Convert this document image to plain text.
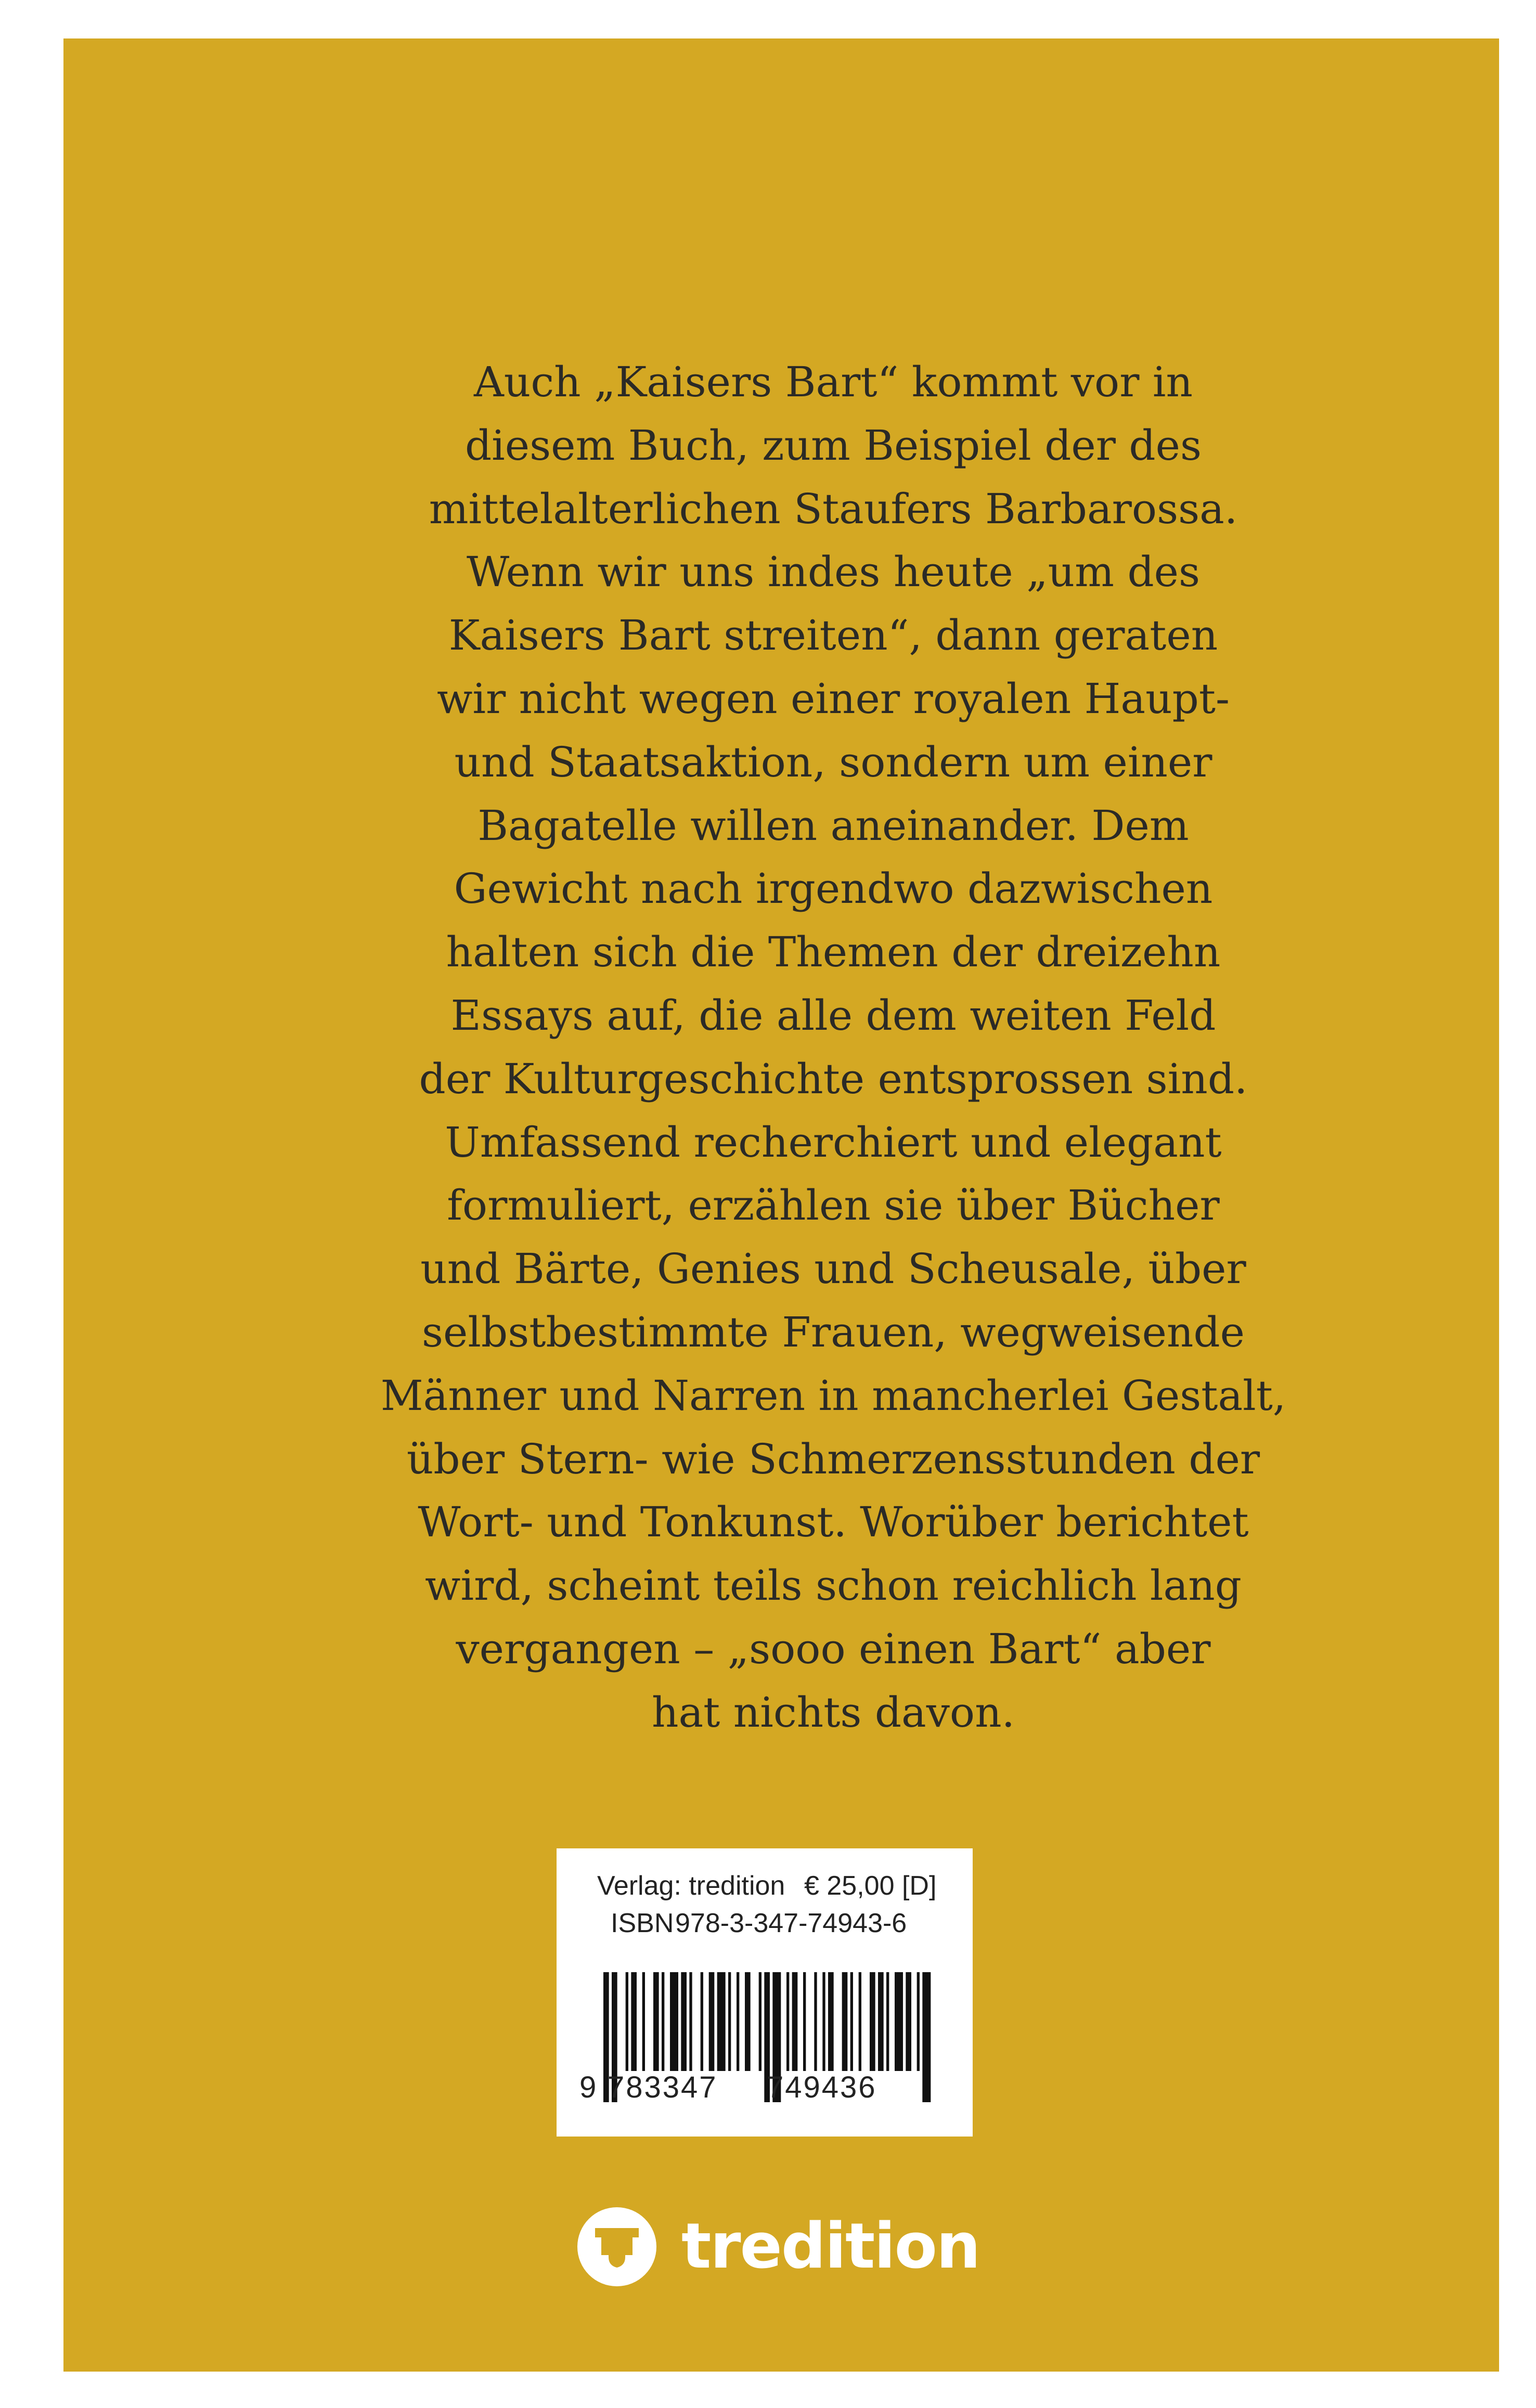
Auch „Kaisers Bart“ kommt vor in
diesem Buch, zum Beispiel der des
mittelalterlichen Staufers Barbarossa.
Wenn wir uns indes heute „um des
Kaisers Bart streiten“, dann geraten
wir nicht wegen einer royalen Haupt-
und Staatsaktion, sondern um einer
Bagatelle willen aneinander. Dem
Gewicht nach irgendwo dazwischen
halten sich die Themen der dreizehn
Essays auf, die alle dem weiten Feld
der Kulturgeschichte entsprossen sind.
Umfassend recherchiert und elegant
formuliert, erzählen sie über Bücher
und Bärte, Genies und Scheusale, über
selbstbestimmte Frauen, wegweisende
Männer und Narren in mancherlei Gestalt,
über Stern- wie Schmerzensstunden der
Wort- und Tonkunst. Worüber berichtet
wird, scheint teils schon reichlich lang
vergangen – „sooo einen Bart“ aber
hat nichts davon.
Verlag: tredition € 25,00 [D]
ISBN 978-3-347-74943-6
9 783347 749436
tredition
